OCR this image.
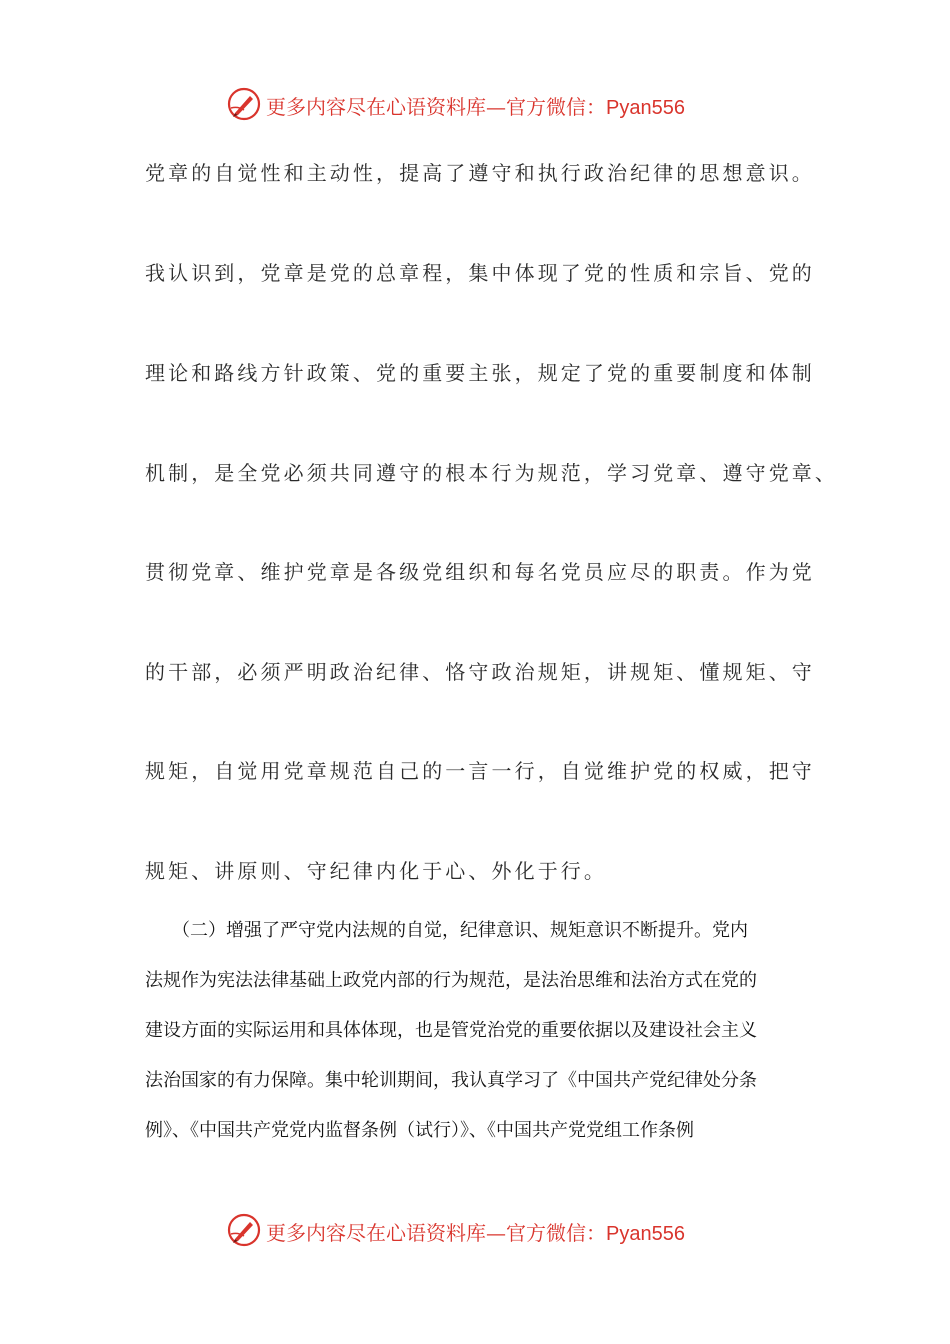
更多内容尽在心语资料库—官方微信：Pyan556
党章的自觉性和主动性，提高了遵守和执行政治纪律的思想意识。
我认识到，党章是党的总章程，集中体现了党的性质和宗旨、党的
理论和路线方针政策、党的重要主张，规定了党的重要制度和体制
机制，是全党必须共同遵守的根本行为规范，学习党章、遵守党章、
贯彻党章、维护党章是各级党组织和每名党员应尽的职责。作为党
的干部，必须严明政治纪律、恪守政治规矩，讲规矩、懂规矩、守
规矩，自觉用党章规范自己的一言一行，自觉维护党的权威，把守
规矩、讲原则、守纪律内化于心、外化于行。
　　（二）增强了严守党内法规的自觉，纪律意识、规矩意识不断提升。党内
法规作为宪法法律基础上政党内部的行为规范，是法治思维和法治方式在党的
建设方面的实际运用和具体体现，也是管党治党的重要依据以及建设社会主义
法治国家的有力保障。集中轮训期间，我认真学习了《中国共产党纪律处分条
例》、《中国共产党党内监督条例（试行）》、《中国共产党党组工作条例
更多内容尽在心语资料库—官方微信：Pyan556
